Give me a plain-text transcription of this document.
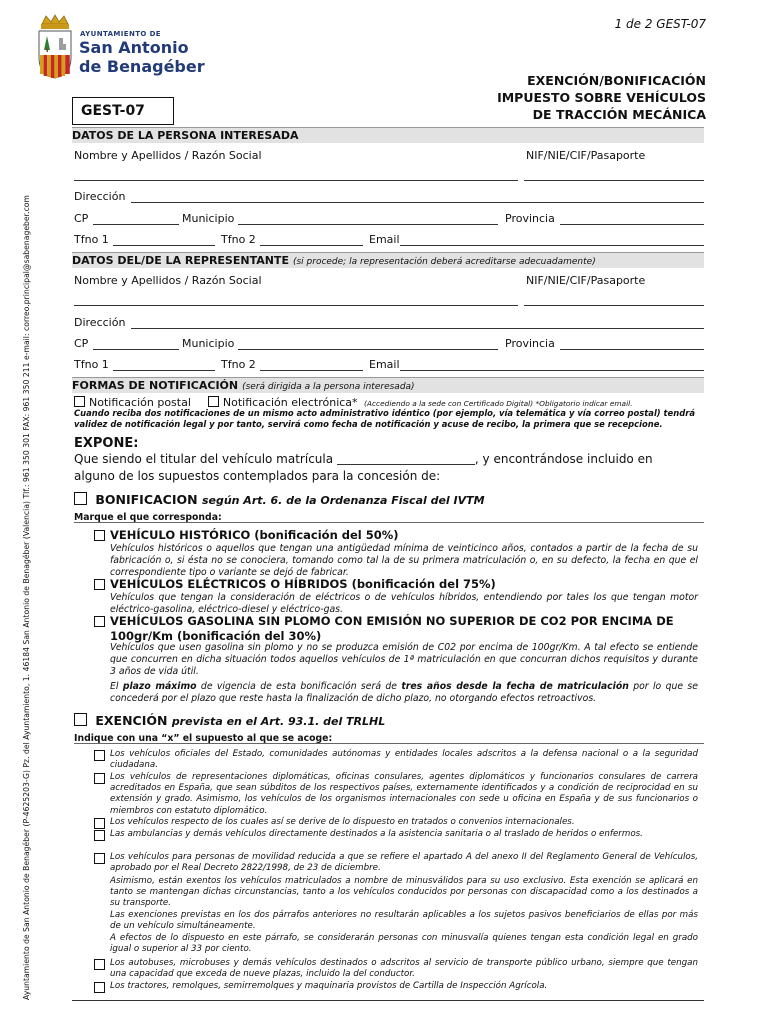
Ayuntamiento de San Antonio de Benagéber (P-4625203-G) Pz. del Ayuntamiento, 1. 46184 San Antonio de Benagéber (Valencia) Tlf.: 961 350 301 FAX: 961 350 211 e-mail: correo.principal@sabenageber.com
1 de 2 GEST-07
AYUNTAMIENTO DE
San Antonio
de Benagéber
EXENCIÓN/BONIFICACIÓN
IMPUESTO SOBRE VEHÍCULOS
DE TRACCIÓN MECÁNICA
GEST-07
DATOS DE LA PERSONA INTERESADA
Nombre y Apellidos / Razón Social	NIF/NIE/CIF/Pasaporte
Dirección
CP	Municipio	Provincia
Tfno 1	Tfno 2	Email
DATOS DEL/DE LA REPRESENTANTE (si procede; la representación deberá acreditarse adecuadamente)
Nombre y Apellidos / Razón Social	NIF/NIE/CIF/Pasaporte
Dirección
CP	Municipio	Provincia
Tfno 1	Tfno 2	Email
FORMAS DE NOTIFICACIÓN (será dirigida a la persona interesada)
Notificación postal	Notificación electrónica* (Accediendo a la sede con Certificado Digital) *Obligatorio indicar email.
Cuando reciba dos notificaciones de un mismo acto administrativo idéntico (por ejemplo, vía telemática y vía correo postal) tendrá
validez de notificación legal y por tanto, servirá como fecha de notificación y acuse de recibo, la primera que se recepcione.
EXPONE:
Que siendo el titular del vehículo matrícula	, y encontrándose incluido en
alguno de los supuestos contemplados para la concesión de:
BONIFICACION según Art. 6. de la Ordenanza Fiscal del IVTM
Marque el que corresponda:
VEHÍCULO HISTÓRICO (bonificación del 50%)
Vehículos históricos o aquellos que tengan una antigüedad mínima de veinticinco años, contados a partir de la fecha de su fabricación o, si ésta no se conociera, tomando como tal la de su primera matriculación o, en su defecto, la fecha en que el correspondiente tipo o variante se dejó de fabricar.
VEHÍCULOS ELÉCTRICOS O HÍBRIDOS (bonificación del 75%)
Vehículos que tengan la consideración de eléctricos o de vehículos híbridos, entendiendo por tales los que tengan motor eléctrico-gasolina, eléctrico-diesel y eléctrico-gas.
VEHÍCULOS GASOLINA SIN PLOMO CON EMISIÓN NO SUPERIOR DE CO2 POR ENCIMA DE 100gr/Km (bonificación del 30%)
Vehículos que usen gasolina sin plomo y no se produzca emisión de C02 por encima de 100gr/Km. A tal efecto se entiende que concurren en dicha situación todos aquellos vehículos de 1ª matriculación en que concurran dichos requisitos y durante 3 años de vida útil.
El plazo máximo de vigencia de esta bonificación será de tres años desde la fecha de matriculación por lo que se concederá por el plazo que reste hasta la finalización de dicho plazo, no otorgando efectos retroactivos.
EXENCIÓN prevista en el Art. 93.1. del TRLHL
Indique con una “x” el supuesto al que se acoge:
Los vehículos oficiales del Estado, comunidades autónomas y entidades locales adscritos a la defensa nacional o a la seguridad ciudadana.
Los vehículos de representaciones diplomáticas, oficinas consulares, agentes diplomáticos y funcionarios consulares de carrera acreditados en España, que sean súbditos de los respectivos países, externamente identificados y a condición de reciprocidad en su extensión y grado. Asimismo, los vehículos de los organismos internacionales con sede u oficina en España y de sus funcionarios o miembros con estatuto diplomático.
Los vehículos respecto de los cuales así se derive de lo dispuesto en tratados o convenios internacionales.
Las ambulancias y demás vehículos directamente destinados a la asistencia sanitaria o al traslado de heridos o enfermos.
Los vehículos para personas de movilidad reducida a que se refiere el apartado A del anexo II del Reglamento General de Vehículos, aprobado por el Real Decreto 2822/1998, de 23 de diciembre.
Asimismo, están exentos los vehículos matriculados a nombre de minusválidos para su uso exclusivo. Esta exención se aplicará en tanto se mantengan dichas circunstancias, tanto a los vehículos conducidos por personas con discapacidad como a los destinados a su transporte.
Las exenciones previstas en los dos párrafos anteriores no resultarán aplicables a los sujetos pasivos beneficiarios de ellas por más de un vehículo simultáneamente.
A efectos de lo dispuesto en este párrafo, se considerarán personas con minusvalía quienes tengan esta condición legal en grado igual o superior al 33 por ciento.
Los autobuses, microbuses y demás vehículos destinados o adscritos al servicio de transporte público urbano, siempre que tengan una capacidad que exceda de nueve plazas, incluido la del conductor.
Los tractores, remolques, semirremolques y maquinaria provistos de Cartilla de Inspección Agrícola.
